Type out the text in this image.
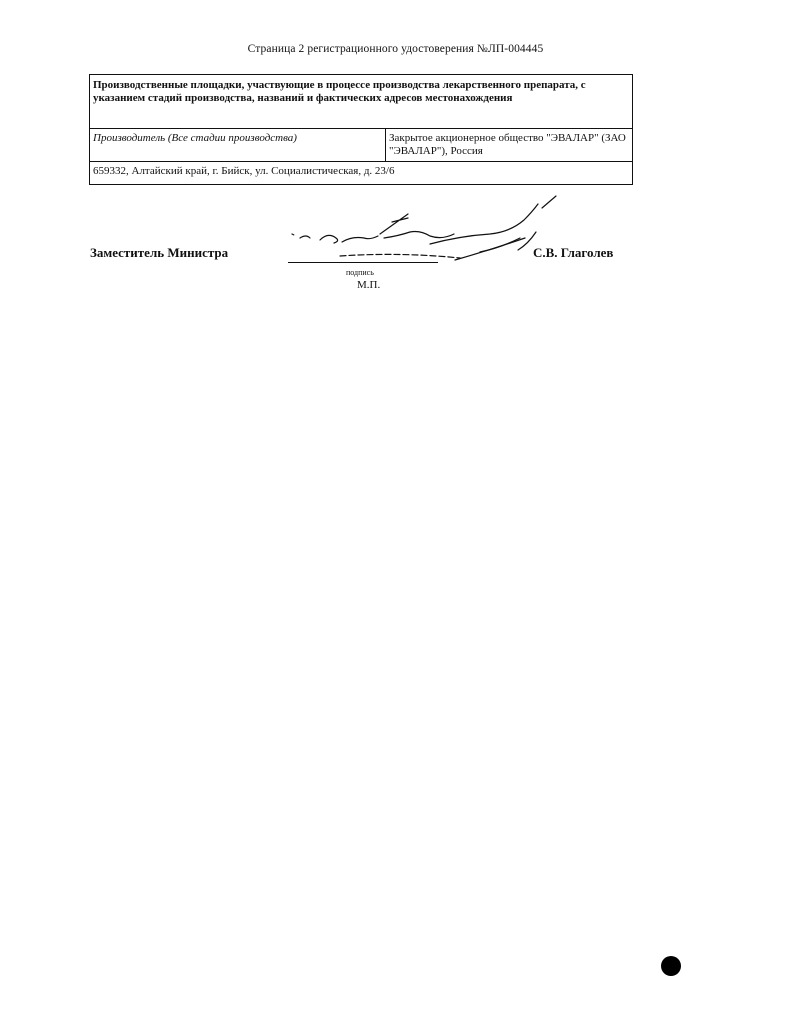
Страница 2 регистрационного удостоверения №ЛП-004445
Производственные площадки, участвующие в процессе производства лекарственного препарата, с указанием стадий производства, названий и фактических адресов местонахождения
Производитель (Все стадии производства)	Закрытое акционерное общество "ЭВАЛАР" (ЗАО "ЭВАЛАР"), Россия
659332, Алтайский край, г. Бийск, ул. Социалистическая, д. 23/6
Заместитель Министра
подпись
М.П.
С.В. Глаголев
